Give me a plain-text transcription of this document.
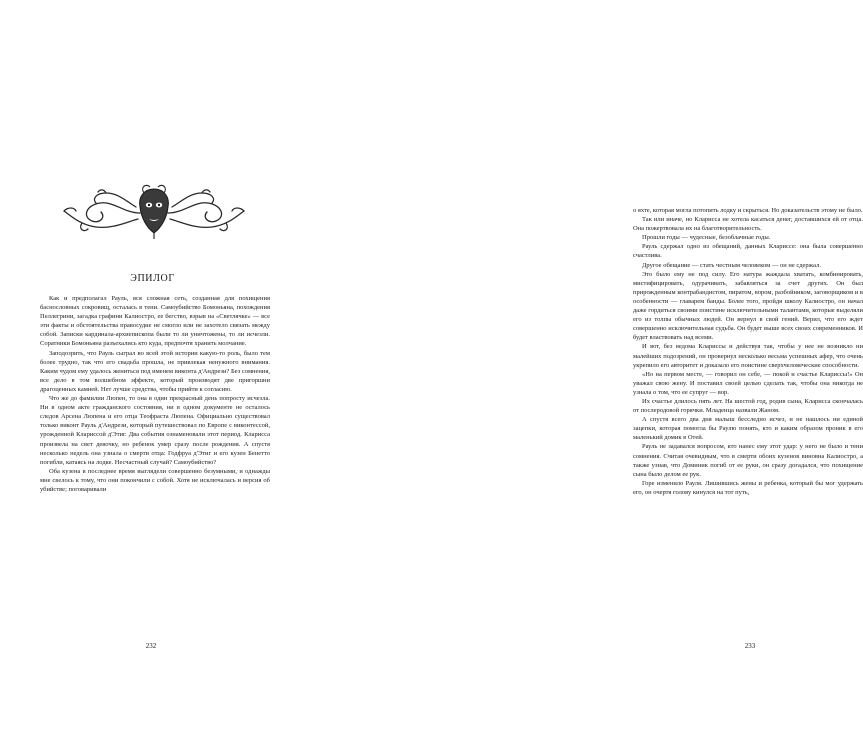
ЭПИЛОГ

Как и предполагал Рауль, вся сложная сеть, созданная для похищения баснословных сокровищ, осталась в тени. Самоубийство Бомоньяна, похождения Пеллегрини, загадка графини Калиостро, ее бегство, взрыв на «Светлячке» — все эти факты и обстоятельства правосудие не смогло или не захотело связать между собой. Записки кардинала-архиепископа были то ли уничтожены, то ли исчезли. Соратники Бомоньяна разъехались кто куда, предпочтя хранить молчание.

Заподозрить, что Рауль сыграл во всей этой истории какую-то роль, было тем более трудно, так что его свадьба прошла, не привлекая ненужного внимания. Каким чудом ему удалось жениться под именем виконта д'Андрези? Без сомнения, все дело в том волшебном эффекте, который производят две пригоршни драгоценных камней. Нет лучше средства, чтобы прийти к согласию.

Что же до фамилии Люпен, то она в один прекрасный день попросту исчезла. Ни в одном акте гражданского состояния, ни в одном документе не осталось следов Арсена Люпена и его отца Теофраста Люпена. Официально существовал только виконт Рауль д'Андрези, который путешествовал по Европе с виконтессой, урожденной Клариссой д'Этиг. Два события ознаменовали этот период. Кларисса произвела на свет девочку, но ребенок умер сразу после рождения. А спустя несколько недель она узнала о смерти отца: Годфруа д'Этиг и его кузен Бенетто погибли, катаясь на лодке. Несчастный случай? Самоубийство?

Оба кузена в последнее время выглядели совершенно безумными, и однажды мне свелось к тому, что они покончили с собой. Хотя не исключалась и версия об убийстве; поговаривали

232

о яхте, которая могла потопить лодку и скрыться. Но доказательств этому не было.

Так или иначе, но Кларисса не хотела касаться денег, доставшихся ей от отца. Она пожертвовала их на благотворительность.

Прошли годы — чудесные, безоблачные годы.

Рауль сдержал одно из обещаний, данных Клариссе: она была совершенно счастлива.

Другое обещание — стать честным человеком — он не сдержал.

Это было ему не под силу. Его натура жаждала хватать, комбинировать, мистифицировать, одурачивать, забавляться за счет других. Он был прирожденным контрабандистом, пиратом, вором, разбойником, заговорщиком и в особенности — главарем банды. Более того, пройдя школу Калиостро, он начал даже гордиться своими поистине исключительными талантами, которые выделяли его из толпы обычных людей. Он вернул в свой гений. Верил, что его ждет совершенно исключительная судьба. Он будет выше всех своих современников. И будет властвовать над всеми.

И вот, без ведома Клариссы и действуя так, чтобы у нее не возникло ни малейших подозрений, он провернул несколько весьма успешных афер, что очень укрепило его авторитет и доказало его поистине сверхчеловеческие способности.

«Но на первом месте, — говорил он себе, — покой и счастье Клариссы!» Он уважал свою жену. И поставил своей целью сделать так, чтобы она никогда не узнала о том, что ее супруг — вор.

Их счастье длилось пять лет. На шестой год, родив сына, Кларисса скончалась от послеродовой горячки. Младенца назвали Жаном.

А спустя всего два дня малыш бесследно исчез, и не нашлось ни единой зацепки, которая помогла бы Раулю понять, кто и каким образом проник в его маленький домик в Отей.

Рауль не задавался вопросом, кто нанес ему этот удар: у него не было и тени сомнения. Считая очевидным, что в смерти обоих кузенов виновна Калиостро, а также узнав, что Доминик погиб от ее руки, он сразу догадался, что похищение сына было делом ее рук.

Горе изменило Рауля. Лишившись жены и ребенка, который бы мог удержать его, он очертя голову кинулся на тот путь,

233
